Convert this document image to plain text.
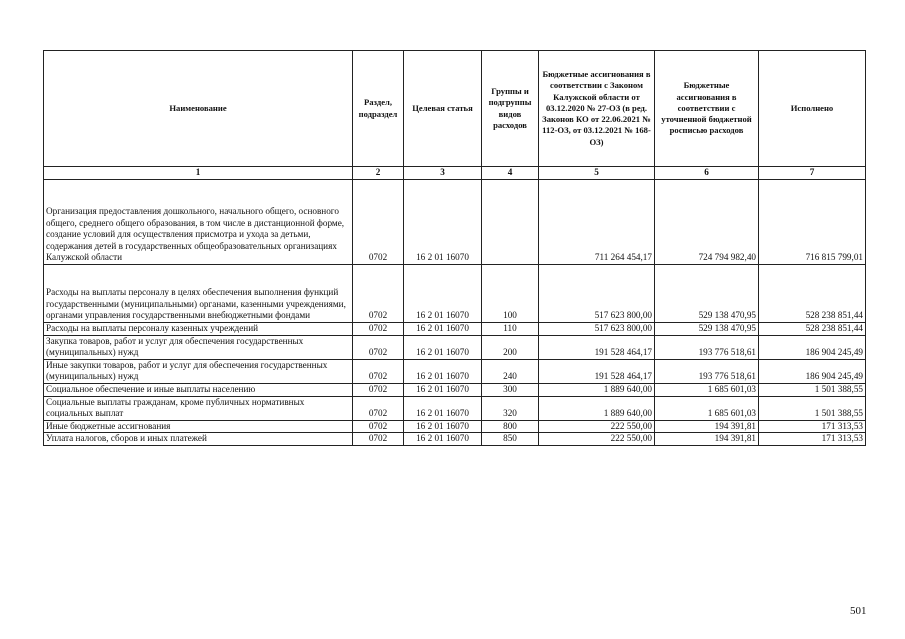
Наименование	Раздел, подраздел	Целевая статья	Группы и подгруппы видов расходов	Бюджетные ассигнования в соответствии с Законом Калужской области от 03.12.2020 № 27-ОЗ (в ред. Законов КО от 22.06.2021 № 112-ОЗ, от 03.12.2021 № 168-ОЗ)	Бюджетные ассигнования в соответствии с уточненной бюджетной росписью расходов	Исполнено
1	2	3	4	5	6	7
Организация предоставления дошкольного, начального общего, основного общего, среднего общего образования, в том числе в дистанционной форме, создание условий для осуществления присмотра и ухода за детьми, содержания детей в государственных общеобразовательных организациях Калужской области	0702	16 2 01 16070		711 264 454,17	724 794 982,40	716 815 799,01
Расходы на выплаты персоналу в целях обеспечения выполнения функций государственными (муниципальными) органами, казенными учреждениями, органами управления государственными внебюджетными фондами	0702	16 2 01 16070	100	517 623 800,00	529 138 470,95	528 238 851,44
Расходы на выплаты персоналу казенных учреждений	0702	16 2 01 16070	110	517 623 800,00	529 138 470,95	528 238 851,44
Закупка товаров, работ и услуг для обеспечения государственных (муниципальных) нужд	0702	16 2 01 16070	200	191 528 464,17	193 776 518,61	186 904 245,49
Иные закупки товаров, работ и услуг для обеспечения государственных (муниципальных) нужд	0702	16 2 01 16070	240	191 528 464,17	193 776 518,61	186 904 245,49
Социальное обеспечение и иные выплаты населению	0702	16 2 01 16070	300	1 889 640,00	1 685 601,03	1 501 388,55
Социальные выплаты гражданам, кроме публичных нормативных социальных выплат	0702	16 2 01 16070	320	1 889 640,00	1 685 601,03	1 501 388,55
Иные бюджетные ассигнования	0702	16 2 01 16070	800	222 550,00	194 391,81	171 313,53
Уплата налогов, сборов и иных платежей	0702	16 2 01 16070	850	222 550,00	194 391,81	171 313,53
501
